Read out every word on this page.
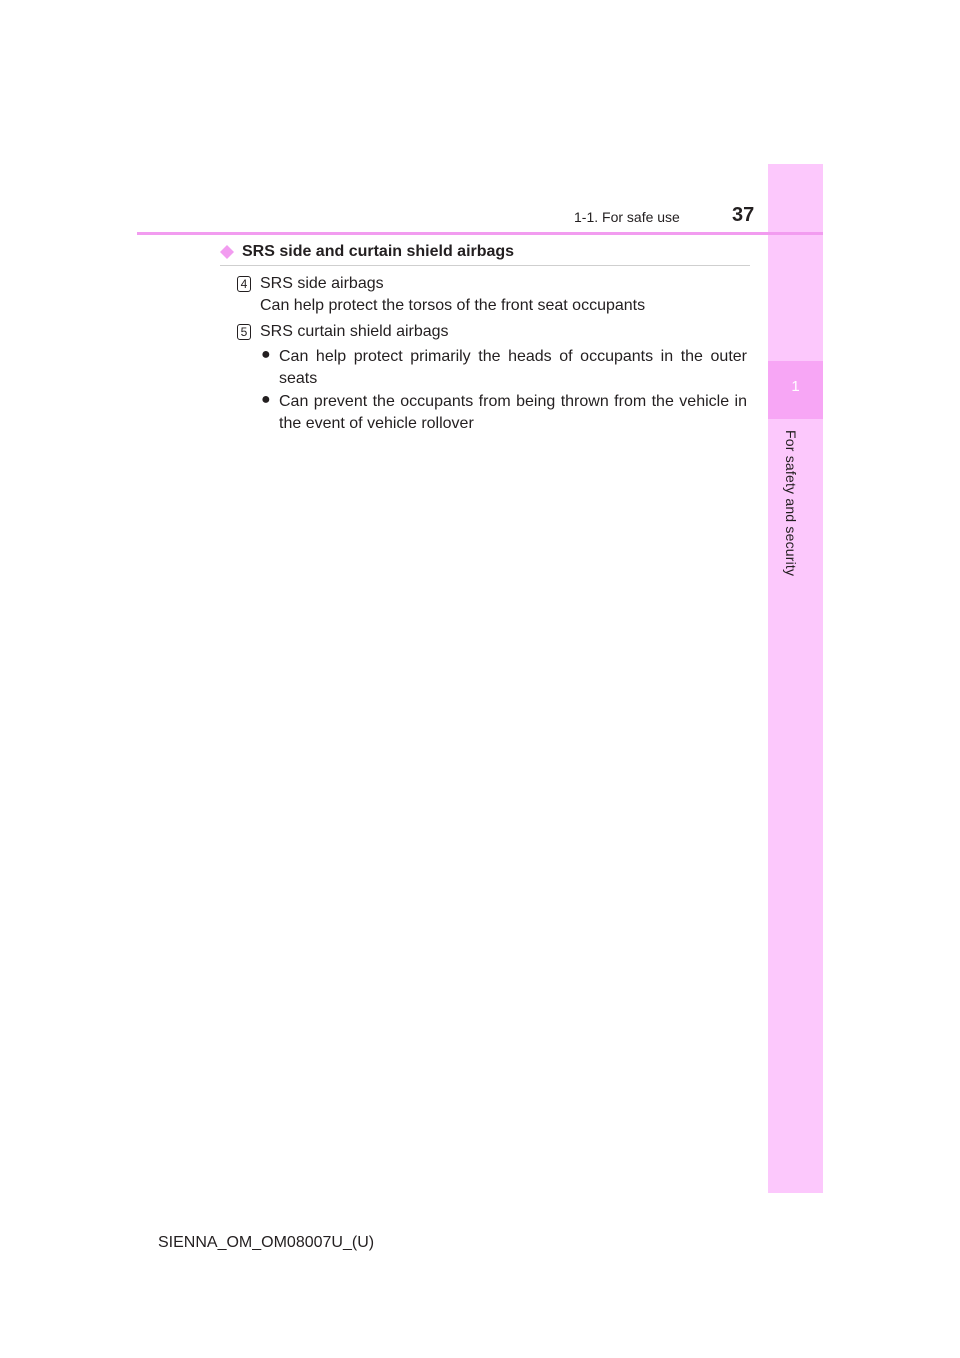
1
For safety and security
1-1. For safe use	37
SRS side and curtain shield airbags
4 SRS side airbags
Can help protect the torsos of the front seat occupants
5 SRS curtain shield airbags
● Can help protect primarily the heads of occupants in the outer seats
● Can prevent the occupants from being thrown from the vehicle in the event of vehicle rollover
SIENNA_OM_OM08007U_(U)
